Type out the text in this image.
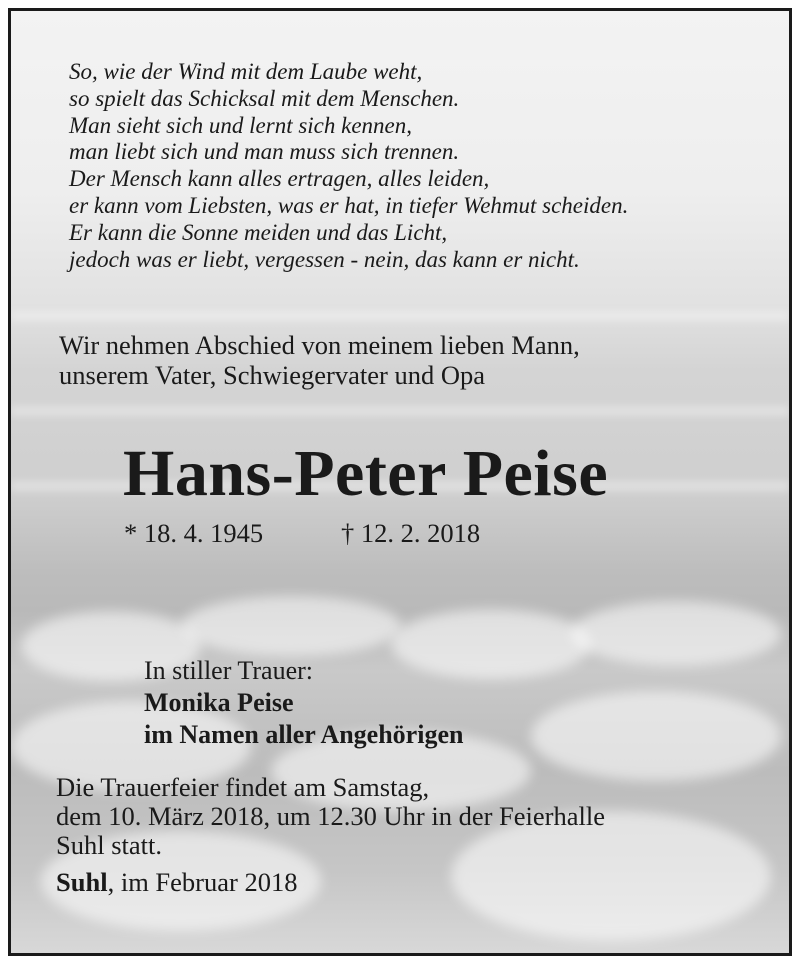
So, wie der Wind mit dem Laube weht,
so spielt das Schicksal mit dem Menschen.
Man sieht sich und lernt sich kennen,
man liebt sich und man muss sich trennen.
Der Mensch kann alles ertragen, alles leiden,
er kann vom Liebsten, was er hat, in tiefer Wehmut scheiden.
Er kann die Sonne meiden und das Licht,
jedoch was er liebt, vergessen - nein, das kann er nicht.

Wir nehmen Abschied von meinem lieben Mann,
unserem Vater, Schwiegervater und Opa
Hans-Peter Peise
* 18. 4. 1945	† 12. 2. 2018
In stiller Trauer:
Monika Peise
im Namen aller Angehörigen
Die Trauerfeier findet am Samstag,
dem 10. März 2018, um 12.30 Uhr in der Feierhalle
Suhl statt.
Suhl, im Februar 2018
